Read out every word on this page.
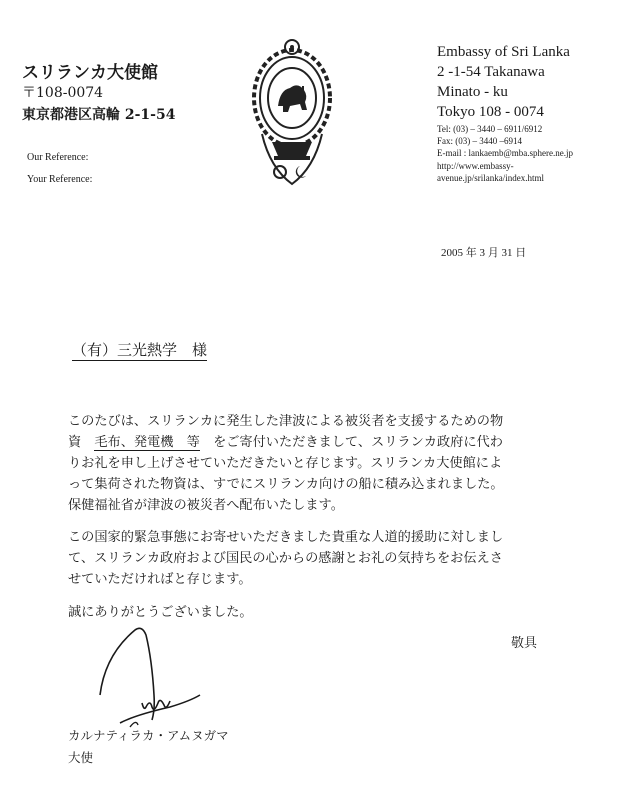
スリランカ大使館
〒108-0074
東京都港区高輪 2-1-54
Our Reference:
Your Reference:
Embassy of Sri Lanka
2 -1-54 Takanawa
Minato - ku
Tokyo 108 - 0074
Tel: (03) – 3440 – 6911/6912
Fax: (03) – 3440 –6914
E-mail : lankaemb@mba.sphere.ne.jp
http://www.embassy-
avenue.jp/srilanka/index.html
2005 年 3 月 31 日
（有）三光熱学　 様
このたびは、スリランカに発生した津波による被災者を支援するための物
資　 毛布、発電機　等　 をご寄付いただきまして、スリランカ政府に代わ
りお礼を申し上げさせていただきたいと存じます。スリランカ大使館によ
って集荷された物資は、すでにスリランカ向けの船に積み込まれました。
保健福祉省が津波の被災者へ配布いたします。
この国家的緊急事態にお寄せいただきました貴重な人道的援助に対しまし
て、スリランカ政府および国民の心からの感謝とお礼の気持ちをお伝えさ
せていただければと存じます。
誠にありがとうございました。
敬具
カルナティラカ・アムヌガマ
大使
